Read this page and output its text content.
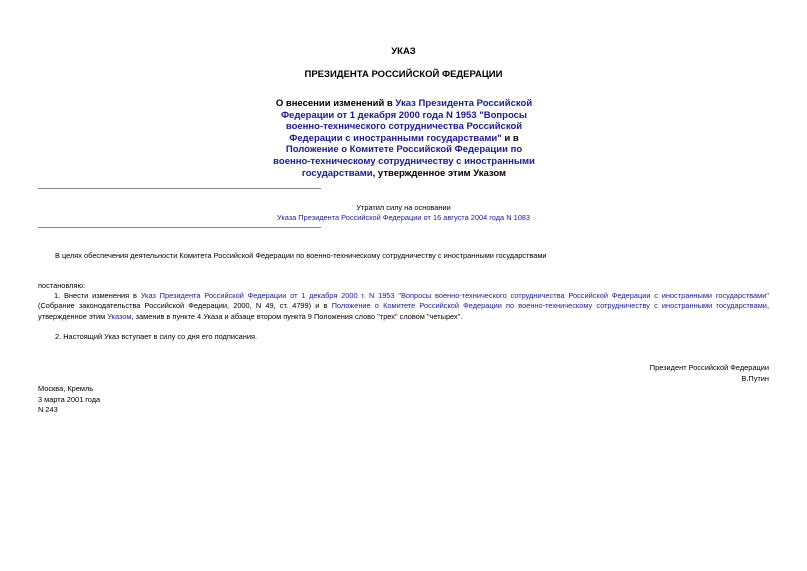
УКАЗ
ПРЕЗИДЕНТА РОССИЙСКОЙ ФЕДЕРАЦИИ
О внесении изменений в Указ Президента Российской Федерации от 1 декабря 2000 года N 1953 "Вопросы военно-технического сотрудничества Российской Федерации с иностранными государствами" и в Положение о Комитете Российской Федерации по военно-техническому сотрудничеству с иностранными государствами, утвержденное этим Указом
Утратил силу на основании
Указа Президента Российской Федерации от 16 августа 2004 года N 1083
В целях обеспечения деятельности Комитета Российской Федерации по военно-техническому сотрудничеству с иностранными государствами
постановляю:
1. Внести изменения в Указ Президента Российской Федерации от 1 декабря 2000 г. N 1953 "Вопросы военно-технического сотрудничества Российской Федерации с иностранными государствами" (Собрание законодательства Российской Федерации, 2000, N 49, ст. 4799) и в Положение о Комитете Российской Федерации по военно-техническому сотрудничеству с иностранными государствами, утвержденное этим Указом, заменив в пункте 4 Указа и абзаце втором пункта 9 Положения слово "трех" словом "четырех".
2. Настоящий Указ вступает в силу со дня его подписания.
Президент Российской Федерации
В.Путин
Москва, Кремль
3 марта 2001 года
N 243
